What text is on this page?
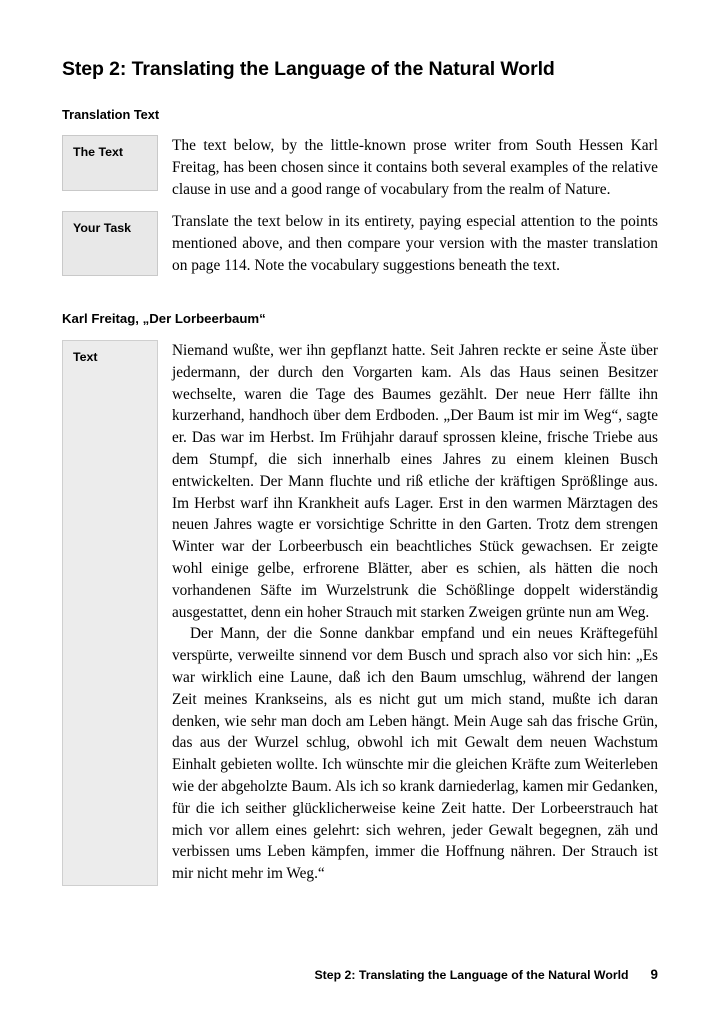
Step 2: Translating the Language of the Natural World
Translation Text
The Text	The text below, by the little-known prose writer from South Hessen Karl Freitag, has been chosen since it contains both several examples of the relative clause in use and a good range of vocabulary from the realm of Nature.
Your Task	Translate the text below in its entirety, paying especial attention to the points mentioned above, and then compare your version with the master translation on page 114. Note the vocabulary suggestions beneath the text.
Karl Freitag, „Der Lorbeerbaum“
Text	Niemand wußte, wer ihn gepflanzt hatte. Seit Jahren reckte er seine Äste über jedermann, der durch den Vorgarten kam. Als das Haus seinen Besitzer wechselte, waren die Tage des Baumes gezählt. Der neue Herr fällte ihn kurzerhand, handhoch über dem Erdboden. „Der Baum ist mir im Weg“, sagte er. Das war im Herbst. Im Frühjahr darauf sprossen kleine, frische Triebe aus dem Stumpf, die sich innerhalb eines Jahres zu einem kleinen Busch entwickelten. Der Mann fluchte und riß etliche der kräftigen Sprößlinge aus. Im Herbst warf ihn Krankheit aufs Lager. Erst in den warmen Märztagen des neuen Jahres wagte er vorsichtige Schritte in den Garten. Trotz dem strengen Winter war der Lorbeerbusch ein beachtliches Stück gewachsen. Er zeigte wohl einige gelbe, erfrorene Blätter, aber es schien, als hätten die noch vorhandenen Säfte im Wurzelstrunk die Schößlinge doppelt widerständig ausgestattet, denn ein hoher Strauch mit starken Zweigen grünte nun am Weg.

Der Mann, der die Sonne dankbar empfand und ein neues Kräftegefühl verspürte, verweilte sinnend vor dem Busch und sprach also vor sich hin: „Es war wirklich eine Laune, daß ich den Baum umschlug, während der langen Zeit meines Krankseins, als es nicht gut um mich stand, mußte ich daran denken, wie sehr man doch am Leben hängt. Mein Auge sah das frische Grün, das aus der Wurzel schlug, obwohl ich mit Gewalt dem neuen Wachstum Einhalt gebieten wollte. Ich wünschte mir die gleichen Kräfte zum Weiterleben wie der abgeholzte Baum. Als ich so krank darniederlag, kamen mir Gedanken, für die ich seither glücklicherweise keine Zeit hatte. Der Lorbeerstrauch hat mich vor allem eines gelehrt: sich wehren, jeder Gewalt begegnen, zäh und verbissen ums Leben kämpfen, immer die Hoffnung nähren. Der Strauch ist mir nicht mehr im Weg.“

Step 2: Translating the Language of the Natural World 9
